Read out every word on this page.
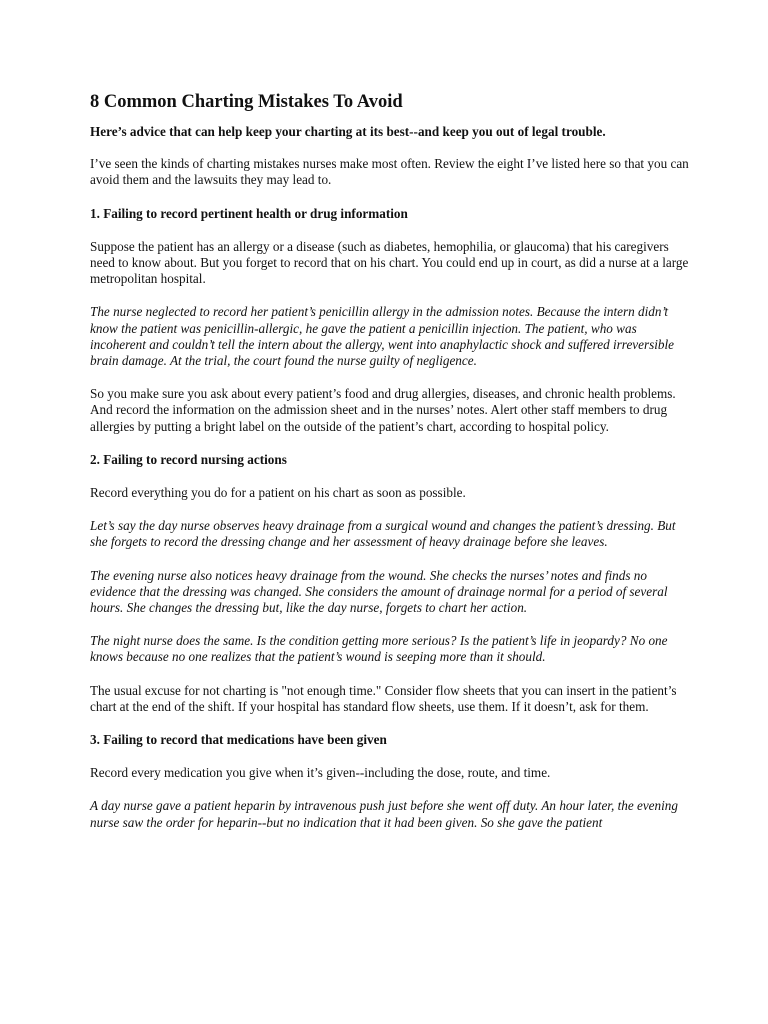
8 Common Charting Mistakes To Avoid
Here’s advice that can help keep your charting at its best--and keep you out of legal trouble.

I’ve seen the kinds of charting mistakes nurses make most often. Review the eight I’ve listed here so that you can avoid them and the lawsuits they may lead to.

1. Failing to record pertinent health or drug information

Suppose the patient has an allergy or a disease (such as diabetes, hemophilia, or glaucoma) that his caregivers need to know about. But you forget to record that on his chart. You could end up in court, as did a nurse at a large metropolitan hospital.

The nurse neglected to record her patient’s penicillin allergy in the admission notes. Because the intern didn’t know the patient was penicillin-allergic, he gave the patient a penicillin injection. The patient, who was incoherent and couldn’t tell the intern about the allergy, went into anaphylactic shock and suffered irreversible brain damage. At the trial, the court found the nurse guilty of negligence.

So you make sure you ask about every patient’s food and drug allergies, diseases, and chronic health problems. And record the information on the admission sheet and in the nurses’ notes. Alert other staff members to drug allergies by putting a bright label on the outside of the patient’s chart, according to hospital policy.

2. Failing to record nursing actions

Record everything you do for a patient on his chart as soon as possible.

Let’s say the day nurse observes heavy drainage from a surgical wound and changes the patient’s dressing. But she forgets to record the dressing change and her assessment of heavy drainage before she leaves.

The evening nurse also notices heavy drainage from the wound. She checks the nurses’ notes and finds no evidence that the dressing was changed. She considers the amount of drainage normal for a period of several hours. She changes the dressing but, like the day nurse, forgets to chart her action.

The night nurse does the same. Is the condition getting more serious? Is the patient’s life in jeopardy? No one knows because no one realizes that the patient’s wound is seeping more than it should.

The usual excuse for not charting is "not enough time." Consider flow sheets that you can insert in the patient’s chart at the end of the shift. If your hospital has standard flow sheets, use them. If it doesn’t, ask for them.

3. Failing to record that medications have been given

Record every medication you give when it’s given--including the dose, route, and time.

A day nurse gave a patient heparin by intravenous push just before she went off duty. An hour later, the evening nurse saw the order for heparin--but no indication that it had been given. So she gave the patient
